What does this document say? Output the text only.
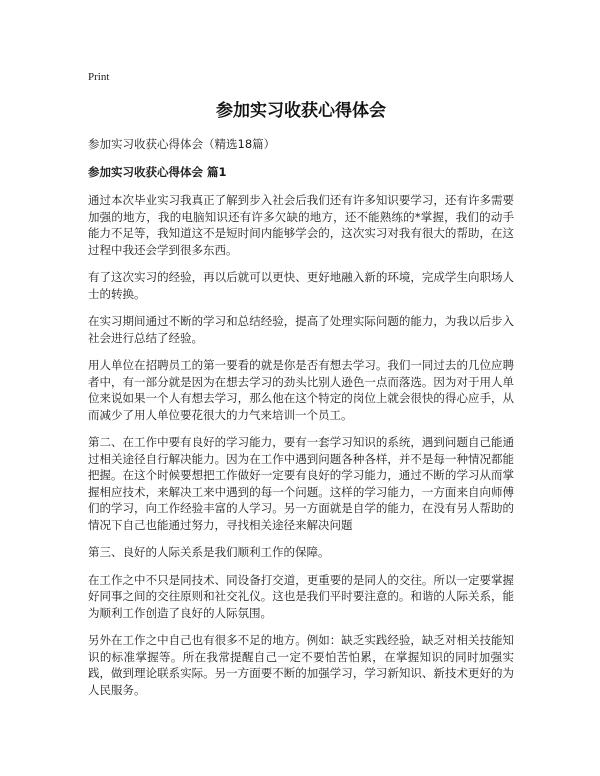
Print
参加实习收获心得体会

参加实习收获心得体会（精选18篇）

参加实习收获心得体会 篇1

通过本次毕业实习我真正了解到步入社会后我们还有许多知识要学习，还有许多需要加强的地方，我的电脑知识还有许多欠缺的地方，还不能熟练的*掌握，我们的动手能力不足等，我知道这不是短时间内能够学会的，这次实习对我有很大的帮助，在这过程中我还会学到很多东西。

有了这次实习的经验，再以后就可以更快、更好地融入新的环境，完成学生向职场人士的转换。

在实习期间通过不断的学习和总结经验，提高了处理实际问题的能力，为我以后步入社会进行总结了经验。

用人单位在招聘员工的第一要看的就是你是否有想去学习。我们一同过去的几位应聘者中，有一部分就是因为在想去学习的劲头比别人逊色一点而落选。因为对于用人单位来说如果一个人有想去学习，那么他在这个特定的岗位上就会很快的得心应手，从而减少了用人单位要花很大的力气来培训一个员工。

第二、在工作中要有良好的学习能力，要有一套学习知识的系统，遇到问题自己能通过相关途径自行解决能力。因为在工作中遇到问题各种各样，并不是每一种情况都能把握。在这个时候要想把工作做好一定要有良好的学习能力，通过不断的学习从而掌握相应技术，来解决工来中遇到的每一个问题。这样的学习能力，一方面来自向师傅们的学习，向工作经验丰富的人学习。另一方面就是自学的能力，在没有另人帮助的情况下自己也能通过努力，寻找相关途径来解决问题

第三、良好的人际关系是我们顺利工作的保障。

在工作之中不只是同技术、同设备打交道，更重要的是同人的交往。所以一定要掌握好同事之间的交往原则和社交礼仪。这也是我们平时要注意的。和谐的人际关系，能为顺利工作创造了良好的人际氛围。

另外在工作之中自己也有很多不足的地方。例如：缺乏实践经验，缺乏对相关技能知识的标准掌握等。所在我常提醒自己一定不要怕苦怕累，在掌握知识的同时加强实践，做到理论联系实际。另一方面要不断的加强学习，学习新知识、新技术更好的为人民服务。
